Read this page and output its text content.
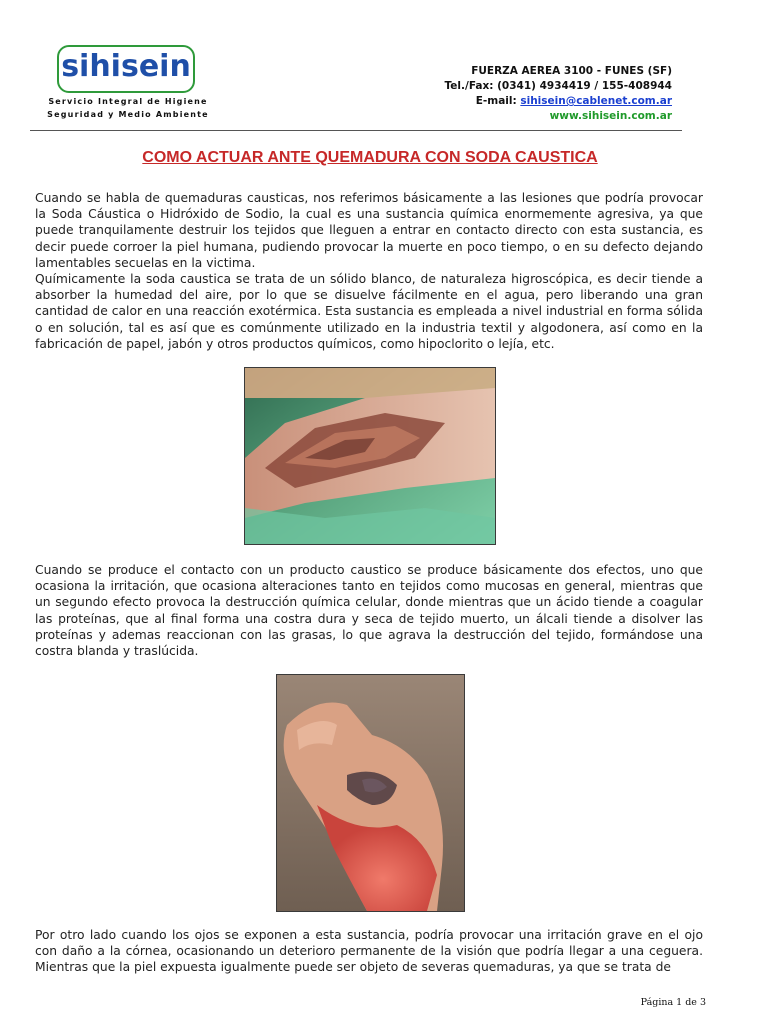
sihisein
Servicio Integral de Higiene
Seguridad y Medio Ambiente
FUERZA AEREA 3100 - FUNES (SF)
Tel./Fax: (0341) 4934419 / 155-408944
E-mail: sihisein@cablenet.com.ar
www.sihisein.com.ar
COMO ACTUAR ANTE QUEMADURA CON SODA CAUSTICA

Cuando se habla de quemaduras causticas, nos referimos básicamente a las lesiones que podría provocar la Soda Cáustica o Hidróxido de Sodio, la cual es una sustancia química enormemente agresiva, ya que puede tranquilamente destruir los tejidos que lleguen a entrar en contacto directo con esta sustancia, es decir puede corroer la piel humana, pudiendo provocar la muerte en poco tiempo, o en su defecto dejando lamentables secuelas en la victima.

Químicamente la soda caustica se trata de un sólido blanco, de naturaleza higroscópica, es decir tiende a absorber la humedad del aire, por lo que se disuelve fácilmente en el agua, pero liberando una gran cantidad de calor en una reacción exotérmica. Esta sustancia es empleada a nivel industrial en forma sólida o en solución, tal es así que es comúnmente utilizado en la industria textil y algodonera, así como en la fabricación de papel, jabón y otros productos químicos, como hipoclorito o lejía, etc.

Cuando se produce el contacto con un producto caustico se produce básicamente dos efectos, uno que ocasiona la irritación, que ocasiona alteraciones tanto en tejidos como mucosas en general, mientras que un segundo efecto provoca la destrucción química celular, donde mientras que un ácido tiende a coagular las proteínas, que al final forma una costra dura y seca de tejido muerto, un álcali tiende a disolver las proteínas y ademas reaccionan con las grasas, lo que agrava la destrucción del tejido, formándose una costra blanda y traslúcida.

Por otro lado cuando los ojos se exponen a esta sustancia, podría provocar una irritación grave en el ojo con daño a la córnea, ocasionando un deterioro permanente de la visión que podría llegar a una ceguera. Mientras que la piel expuesta igualmente puede ser objeto de severas quemaduras, ya que se trata de

Página 1 de 3
